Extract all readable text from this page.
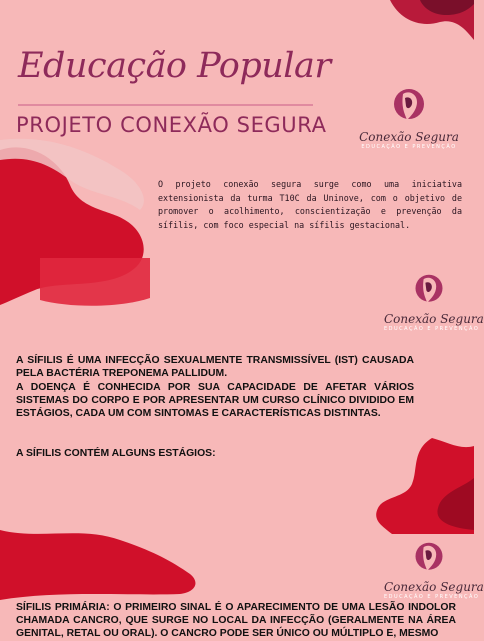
Educação Popular
PROJETO CONEXÃO SEGURA	Conexão Segura
EDUCAÇÃO E PREVENÇÃO
O projeto conexão segura surge como uma iniciativa extensionista da turma T10C da Uninove, com o objetivo de promover o acolhimento, conscientização e prevenção da sífilis, com foco especial na sífilis gestacional.
Conexão Segura
EDUCAÇÃO E PREVENÇÃO
A SÍFILIS É UMA INFECÇÃO SEXUALMENTE TRANSMISSÍVEL (IST) CAUSADA PELA BACTÉRIA TREPONEMA PALLIDUM.
A DOENÇA É CONHECIDA POR SUA CAPACIDADE DE AFETAR VÁRIOS SISTEMAS DO CORPO E POR APRESENTAR UM CURSO CLÍNICO DIVIDIDO EM ESTÁGIOS, CADA UM COM SINTOMAS E CARACTERÍSTICAS DISTINTAS.
A SÍFILIS CONTÉM ALGUNS ESTÁGIOS:
Conexão Segura
EDUCAÇÃO E PREVENÇÃO
SÍFILIS PRIMÁRIA: O PRIMEIRO SINAL É O APARECIMENTO DE UMA LESÃO INDOLOR CHAMADA CANCRO, QUE SURGE NO LOCAL DA INFECÇÃO (GERALMENTE NA ÁREA GENITAL, RETAL OU ORAL). O CANCRO PODE SER ÚNICO OU MÚLTIPLO E, MESMO
